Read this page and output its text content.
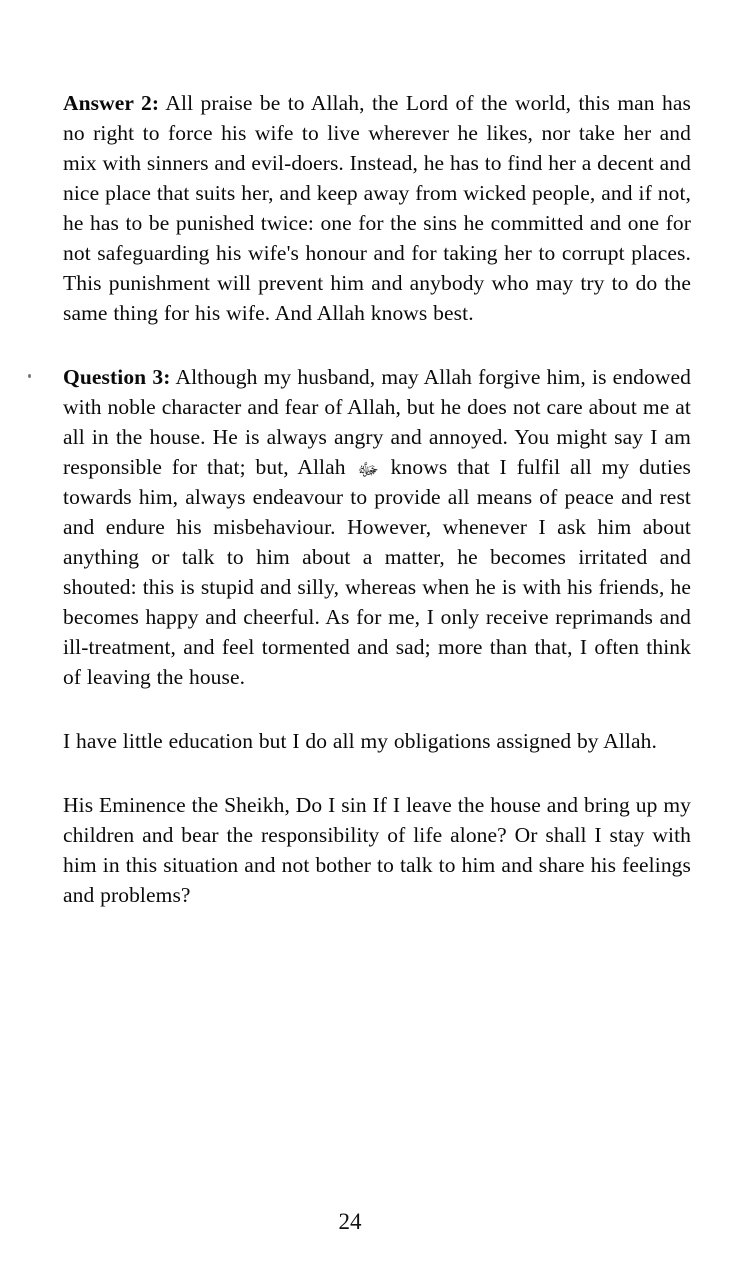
Answer 2: All praise be to Allah, the Lord of the world, this man has no right to force his wife to live wherever he likes, nor take her and mix with sinners and evil-doers. Instead, he has to find her a decent and nice place that suits her, and keep away from wicked people, and if not, he has to be punished twice: one for the sins he committed and one for not safeguarding his wife's honour and for taking her to corrupt places. This punishment will prevent him and anybody who may try to do the same thing for his wife. And Allah knows best.

Question 3: Although my husband, may Allah forgive him, is endowed with noble character and fear of Allah, but he does not care about me at all in the house. He is always angry and annoyed. You might say I am responsible for that; but, Allah ﷻ knows that I fulfil all my duties towards him, always endeavour to provide all means of peace and rest and endure his misbehaviour. However, whenever I ask him about anything or talk to him about a matter, he becomes irritated and shouted: this is stupid and silly, whereas when he is with his friends, he becomes happy and cheerful. As for me, I only receive reprimands and ill-treatment, and feel tormented and sad; more than that, I often think of leaving the house.

I have little education but I do all my obligations assigned by Allah.

His Eminence the Sheikh, Do I sin If I leave the house and bring up my children and bear the responsibility of life alone? Or shall I stay with him in this situation and not bother to talk to him and share his feelings and problems?

24
